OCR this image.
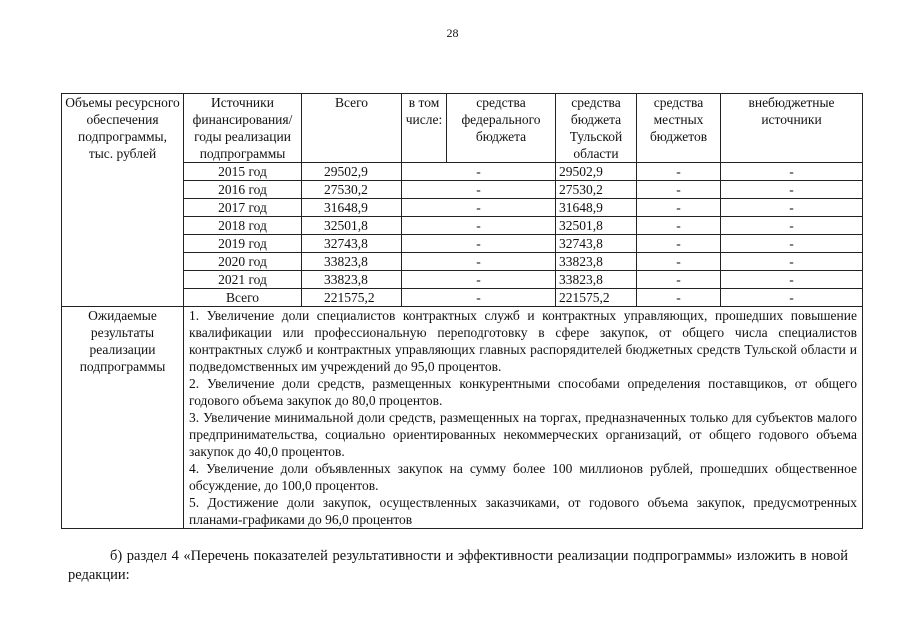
28
Объемы ресурсного обеспечения подпрограммы, тыс. рублей	Источники финансирования/ годы реализации подпрограммы	Всего	в том числе:	средства федерального бюджета	средства бюджета Тульской области	средства местных бюджетов	внебюджетные источники
	2015 год	29502,9	-		29502,9	-	-
	2016 год	27530,2	-		27530,2	-	-
	2017 год	31648,9	-		31648,9	-	-
	2018 год	32501,8	-		32501,8	-	-
	2019 год	32743,8	-		32743,8	-	-
	2020 год	33823,8	-		33823,8	-	-
	2021 год	33823,8	-		33823,8	-	-
	Всего	221575,2	-		221575,2	-	-
Ожидаемые результаты реализации подпрограммы	1. Увеличение доли специалистов контрактных служб и контрактных управляющих, прошедших повышение квалификации или профессиональную переподготовку в сфере закупок, от общего числа специалистов контрактных служб и контрактных управляющих главных распорядителей бюджетных средств Тульской области и подведомственных им учреждений до 95,0 процентов.

2. Увеличение доли средств, размещенных конкурентными способами определения поставщиков, от общего годового объема закупок до 80,0 процентов.

3. Увеличение минимальной доли средств, размещенных на торгах, предназначенных только для субъектов малого предпринимательства, социально ориентированных некоммерческих организаций, от общего годового объема закупок до 40,0 процентов.

4. Увеличение доли объявленных закупок на сумму более 100 миллионов рублей, прошедших общественное обсуждение, до 100,0 процентов.

5. Достижение доли закупок, осуществленных заказчиками, от годового объема закупок, предусмотренных планами-графиками до 96,0 процентов						

б) раздел 4 «Перечень показателей результативности и эффективности реализации подпрограммы» изложить в новой редакции:
